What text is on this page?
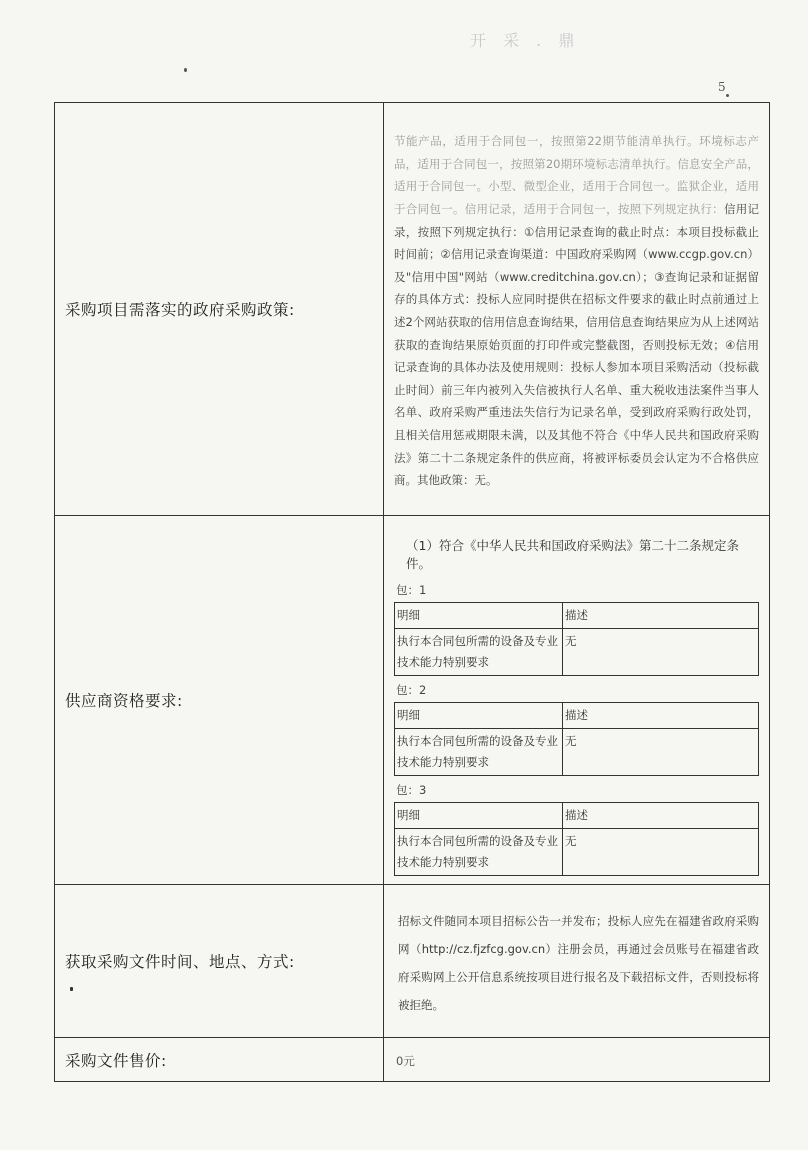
开 采 . 鼎
5
采购项目需落实的政府采购政策:	
节能产品，适用于合同包一，按照第22期节能清单执行。环境标志产品，适用于合同包一，按照第20期环境标志清单执行。信息安全产品，适用于合同包一。小型、微型企业，适用于合同包一。监狱企业，适用于合同包一。信用记录，适用于合同包一，按照下列规定执行：信用记录，按照下列规定执行：①信用记录查询的截止时点：本项目投标截止时间前；②信用记录查询渠道：中国政府采购网（www.ccgp.gov.cn）及"信用中国"网站（www.creditchina.gov.cn）；③查询记录和证据留存的具体方式：投标人应同时提供在招标文件要求的截止时点前通过上述2个网站获取的信用信息查询结果，信用信息查询结果应为从上述网站获取的查询结果原始页面的打印件或完整截图，否则投标无效；④信用记录查询的具体办法及使用规则：投标人参加本项目采购活动（投标截止时间）前三年内被列入失信被执行人名单、重大税收违法案件当事人名单、政府采购严重违法失信行为记录名单，受到政府采购行政处罚，且相关信用惩戒期限未满，以及其他不符合《中华人民共和国政府采购法》第二十二条规定条件的供应商，将被评标委员会认定为不合格供应商。其他政策：无。

供应商资格要求:	
（1）符合《中华人民共和国政府采购法》第二十二条规定条件。
包：1
明细	描述
执行本合同包所需的设备及专业技术能力特别要求	无
包：2
明细	描述
执行本合同包所需的设备及专业技术能力特别要求	无
包：3
明细	描述
执行本合同包所需的设备及专业技术能力特别要求	无

获取采购文件时间、地点、方式:	
招标文件随同本项目招标公告一并发布；投标人应先在福建省政府采购网（http://cz.fjzfcg.gov.cn）注册会员，再通过会员账号在福建省政府采购网上公开信息系统按项目进行报名及下载招标文件，否则投标将被拒绝。

采购文件售价:	0元
